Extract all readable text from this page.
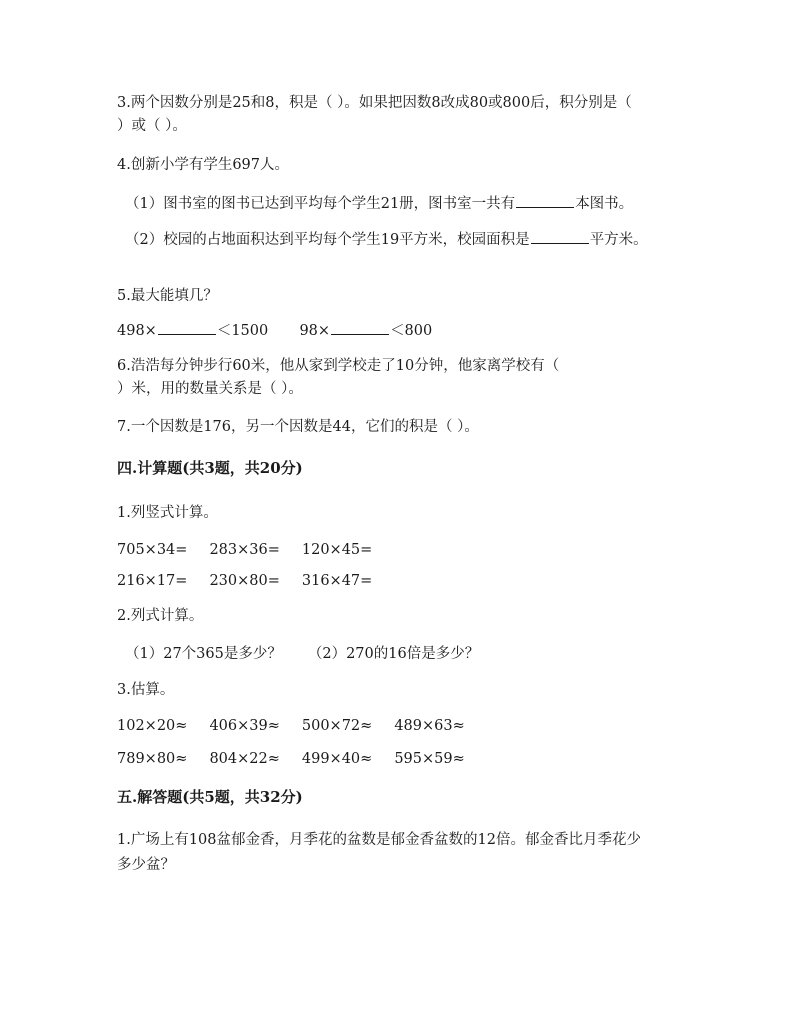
3.两个因数分别是25和8，积是（ ）。如果把因数8改成80或800后，积分别是（
）或（ ）。
4.创新小学有学生697人。
（1）图书室的图书已达到平均每个学生21册，图书室一共有	本图书。
（2）校园的占地面积达到平均每个学生19平方米，校园面积是	平方米。
5.最大能填几？
498×	＜1500 98×	＜800
6.浩浩每分钟步行60米，他从家到学校走了10分钟，他家离学校有（
）米，用的数量关系是（ ）。
7.一个因数是176，另一个因数是44，它们的积是（ ）。
四.计算题(共3题，共20分)
1.列竖式计算。
705×34= 283×36= 120×45=
216×17= 230×80= 316×47=
2.列式计算。
（1）27个365是多少？ （2）270的16倍是多少？
3.估算。
102×20≈ 406×39≈ 500×72≈ 489×63≈
789×80≈ 804×22≈ 499×40≈ 595×59≈
五.解答题(共5题，共32分)
1.广场上有108盆郁金香，月季花的盆数是郁金香盆数的12倍。郁金香比月季花少
多少盆？
